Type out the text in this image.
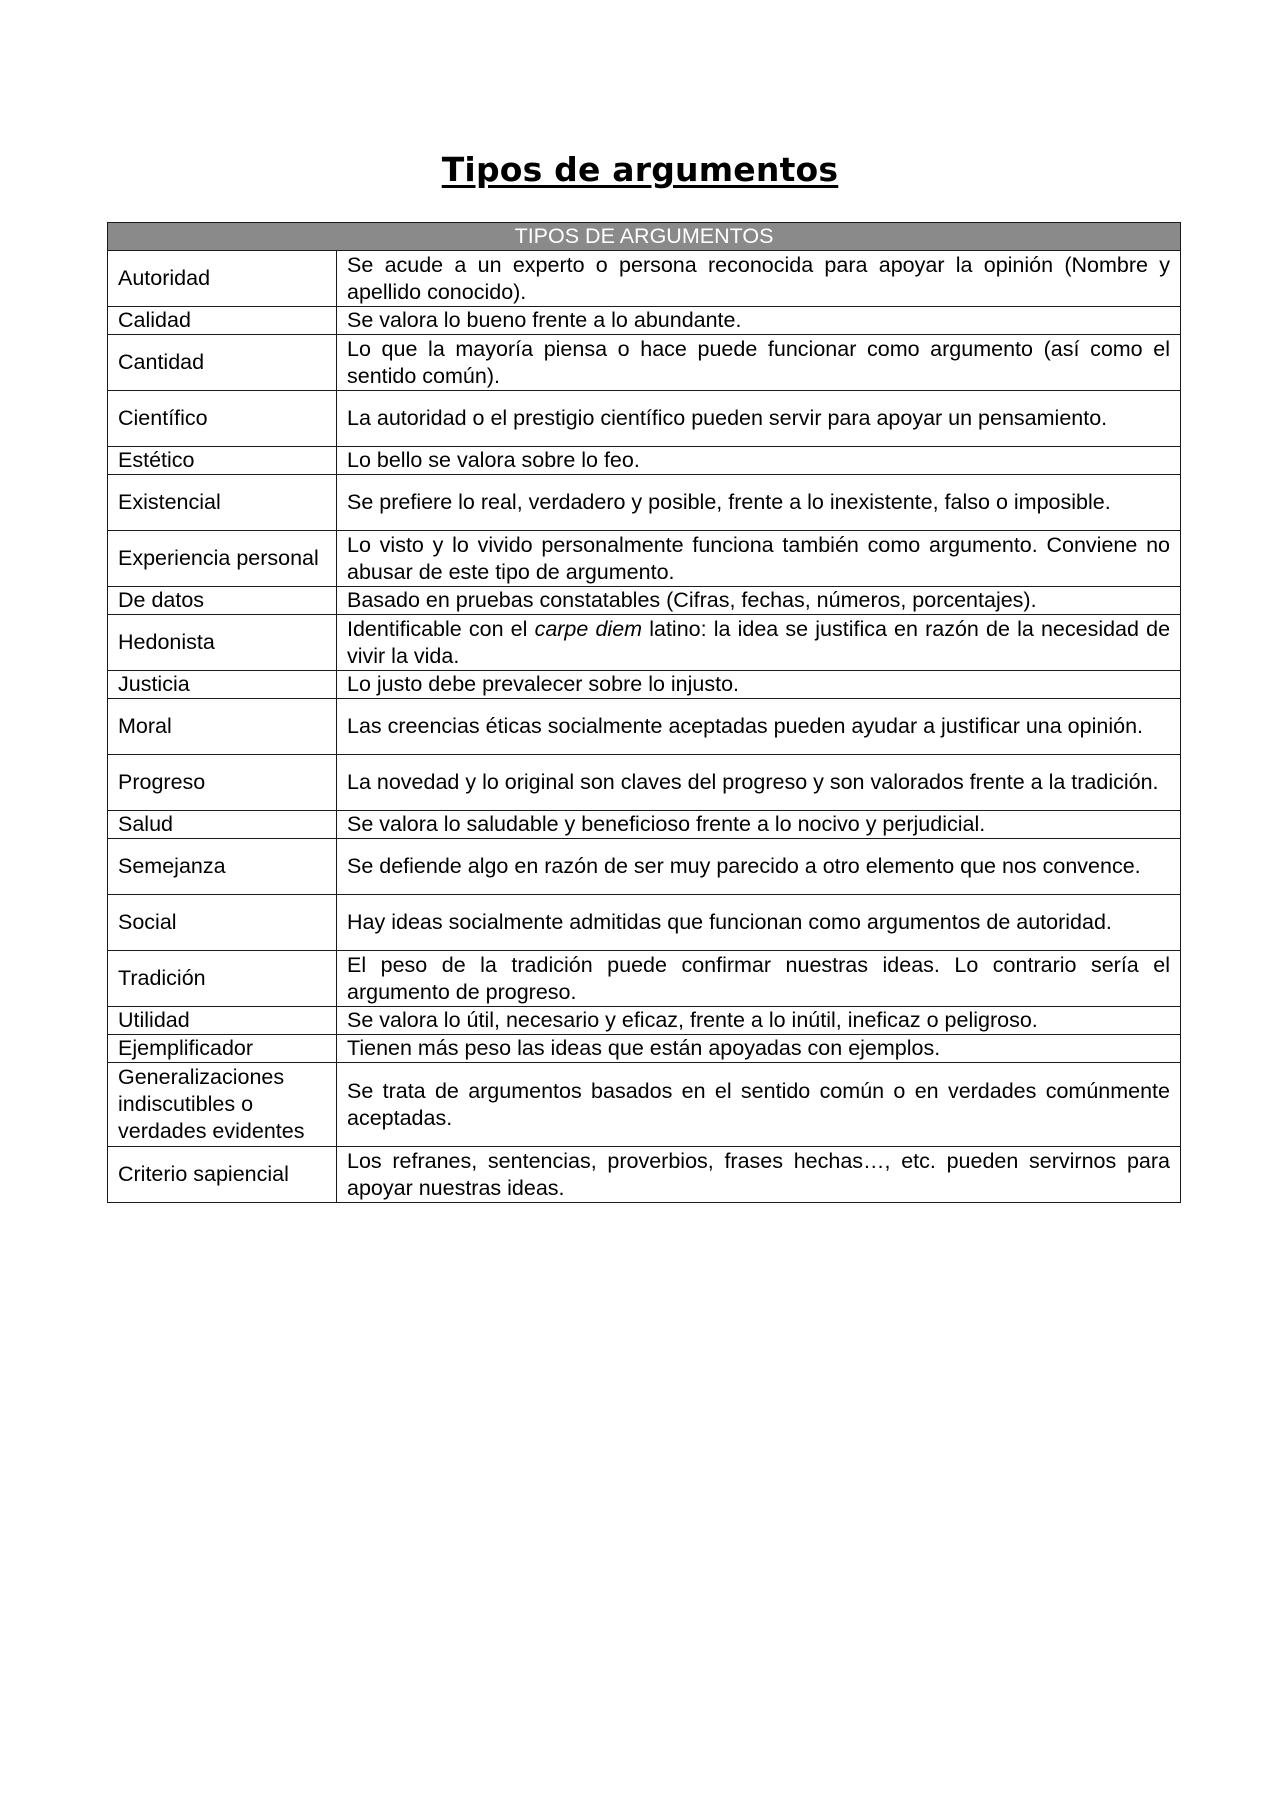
Tipos de argumentos
TIPOS DE ARGUMENTOS	
Autoridad	Se acude a un experto o persona reconocida para apoyar la opinión (Nombre y apellido conocido).
Calidad	Se valora lo bueno frente a lo abundante.
Cantidad	Lo que la mayoría piensa o hace puede funcionar como argumento (así como el sentido común).
Científico	La autoridad o el prestigio científico pueden servir para apoyar un pensamiento.
Estético	Lo bello se valora sobre lo feo.
Existencial	Se prefiere lo real, verdadero y posible, frente a lo inexistente, falso o imposible.
Experiencia personal	Lo visto y lo vivido personalmente funciona también como argumento. Conviene no abusar de este tipo de argumento.
De datos	Basado en pruebas constatables (Cifras, fechas, números, porcentajes).
Hedonista	Identificable con el carpe diem latino: la idea se justifica en razón de la necesidad de vivir la vida.
Justicia	Lo justo debe prevalecer sobre lo injusto.
Moral	Las creencias éticas socialmente aceptadas pueden ayudar a justificar una opinión.
Progreso	La novedad y lo original son claves del progreso y son valorados frente a la tradición.
Salud	Se valora lo saludable y beneficioso frente a lo nocivo y perjudicial.
Semejanza	Se defiende algo en razón de ser muy parecido a otro elemento que nos convence.
Social	Hay ideas socialmente admitidas que funcionan como argumentos de autoridad.
Tradición	El peso de la tradición puede confirmar nuestras ideas. Lo contrario sería el argumento de progreso.
Utilidad	Se valora lo útil, necesario y eficaz, frente a lo inútil, ineficaz o peligroso.
Ejemplificador	Tienen más peso las ideas que están apoyadas con ejemplos.
Generalizaciones indiscutibles o verdades evidentes	Se trata de argumentos basados en el sentido común o en verdades comúnmente aceptadas.
Criterio sapiencial	Los refranes, sentencias, proverbios, frases hechas…, etc. pueden servirnos para apoyar nuestras ideas.
